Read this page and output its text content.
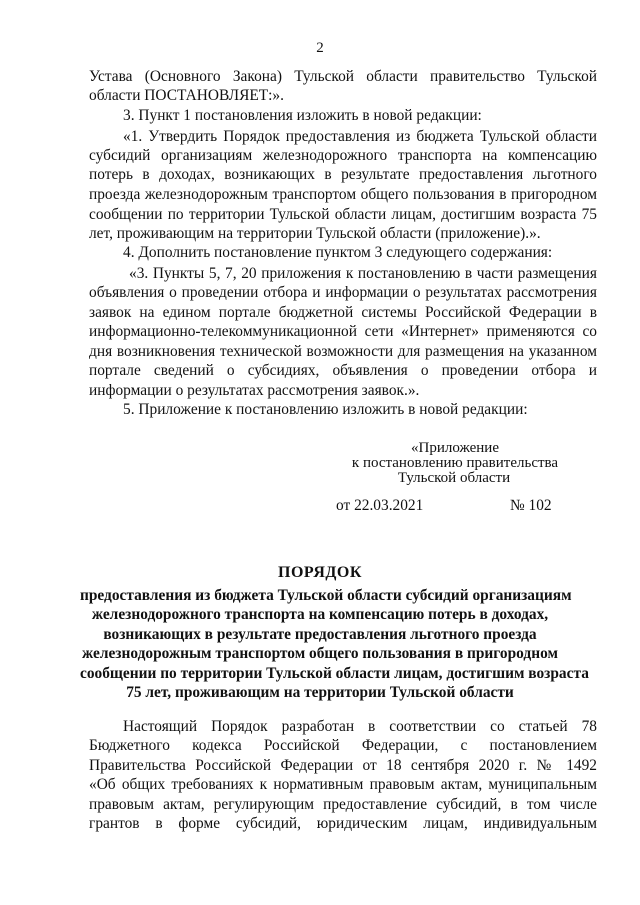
2
Устава (Основного Закона) Тульской области правительство Тульской
области ПОСТАНОВЛЯЕТ:».
3. Пункт 1 постановления изложить в новой редакции:
«1. Утвердить Порядок предоставления из бюджета Тульской области
субсидий организациям железнодорожного транспорта на компенсацию
потерь в доходах, возникающих в результате предоставления льготного
проезда железнодорожным транспортом общего пользования в пригородном
сообщении по территории Тульской области лицам, достигшим возраста 75
лет, проживающим на территории Тульской области (приложение).».
4. Дополнить постановление пунктом 3 следующего содержания:
«3. Пункты 5, 7, 20 приложения к постановлению в части размещения
объявления о проведении отбора и информации о результатах рассмотрения
заявок на едином портале бюджетной системы Российской Федерации в
информационно-телекоммуникационной сети «Интернет» применяются со
дня возникновения технической возможности для размещения на указанном
портале сведений о субсидиях, объявления о проведении отбора и
информации о результатах рассмотрения заявок.».
5. Приложение к постановлению изложить в новой редакции:
«Приложение
к постановлению правительства
Тульской области
от 22.03.2021	№ 102
ПОРЯДОК
предоставления из бюджета Тульской области субсидий организациям
железнодорожного транспорта на компенсацию потерь в доходах,
возникающих в результате предоставления льготного проезда
железнодорожным транспортом общего пользования в пригородном
сообщении по территории Тульской области лицам, достигшим возраста
75 лет, проживающим на территории Тульской области
Настоящий Порядок разработан в соответствии со статьей 78
Бюджетного кодекса Российской Федерации, с постановлением
Правительства Российской Федерации от 18 сентября 2020 г. № 1492
«Об общих требованиях к нормативным правовым актам, муниципальным
правовым актам, регулирующим предоставление субсидий, в том числе
грантов в форме субсидий, юридическим лицам, индивидуальным
